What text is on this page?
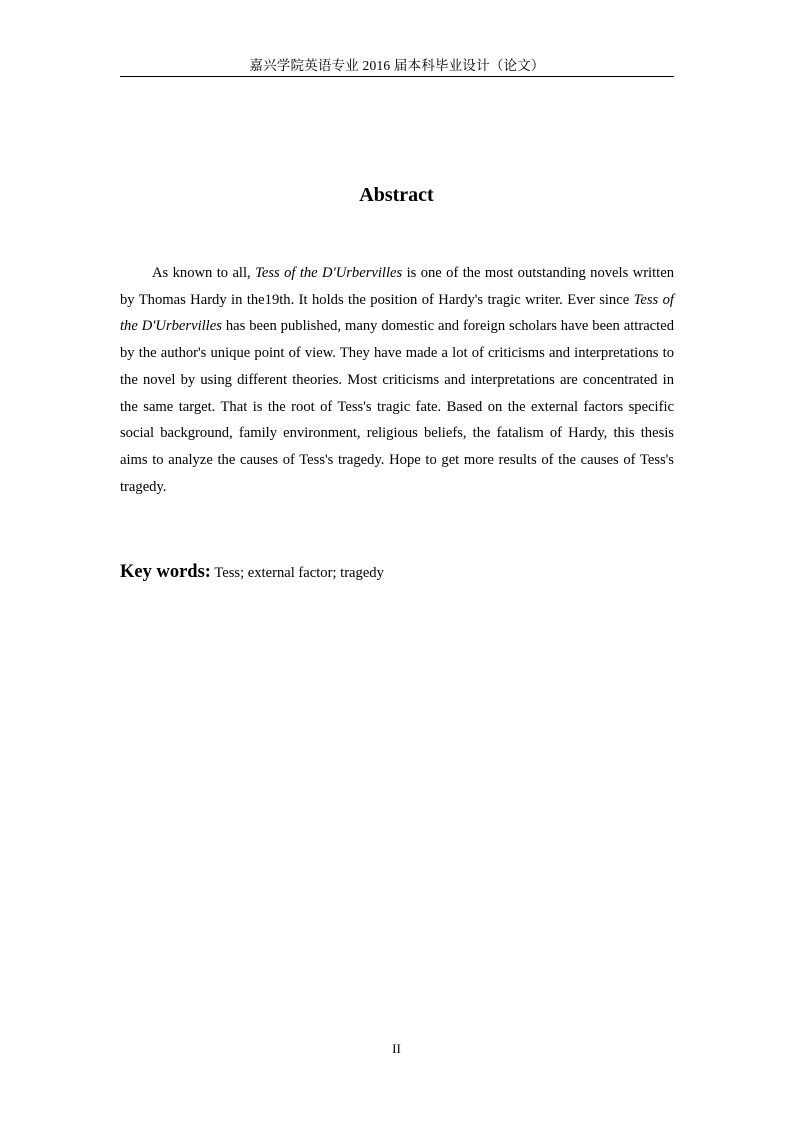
嘉兴学院英语专业 2016 届本科毕业设计（论文）
Abstract

As known to all, Tess of the D'Urbervilles is one of the most outstanding novels written by Thomas Hardy in the19th. It holds the position of Hardy's tragic writer. Ever since Tess of the D'Urbervilles has been published, many domestic and foreign scholars have been attracted by the author's unique point of view. They have made a lot of criticisms and interpretations to the novel by using different theories. Most criticisms and interpretations are concentrated in the same target. That is the root of Tess's tragic fate. Based on the external factors specific social background, family environment, religious beliefs, the fatalism of Hardy, this thesis aims to analyze the causes of Tess's tragedy. Hope to get more results of the causes of Tess's tragedy.

Key words: Tess; external factor; tragedy

II
